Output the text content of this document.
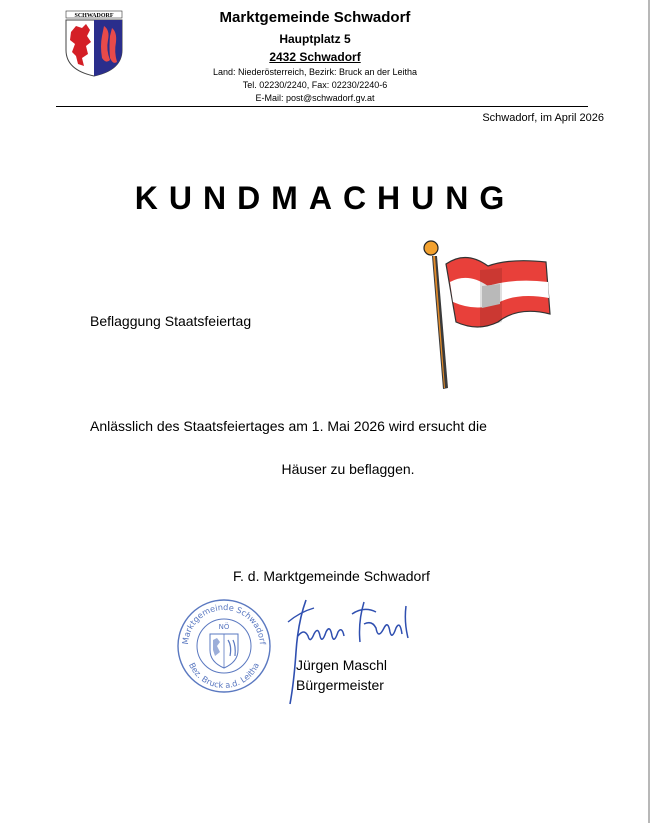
SCHWADORF	Marktgemeinde Schwadorf
Hauptplatz 5
2432 Schwadorf
Land: Niederösterreich, Bezirk: Bruck an der Leitha
Tel. 02230/2240, Fax: 02230/2240-6
E-Mail: post@schwadorf.gv.at
Schwadorf, im April 2026
KUNDMACHUNG
Beflaggung Staatsfeiertag
Anlässlich des Staatsfeiertages am 1. Mai 2026 wird ersucht die
Häuser zu beflaggen.
F. d. Marktgemeinde Schwadorf
Marktgemeinde Schwadorf
Bez. Bruck a.d. Leitha
NÖ
Jürgen Maschl
Bürgermeister
